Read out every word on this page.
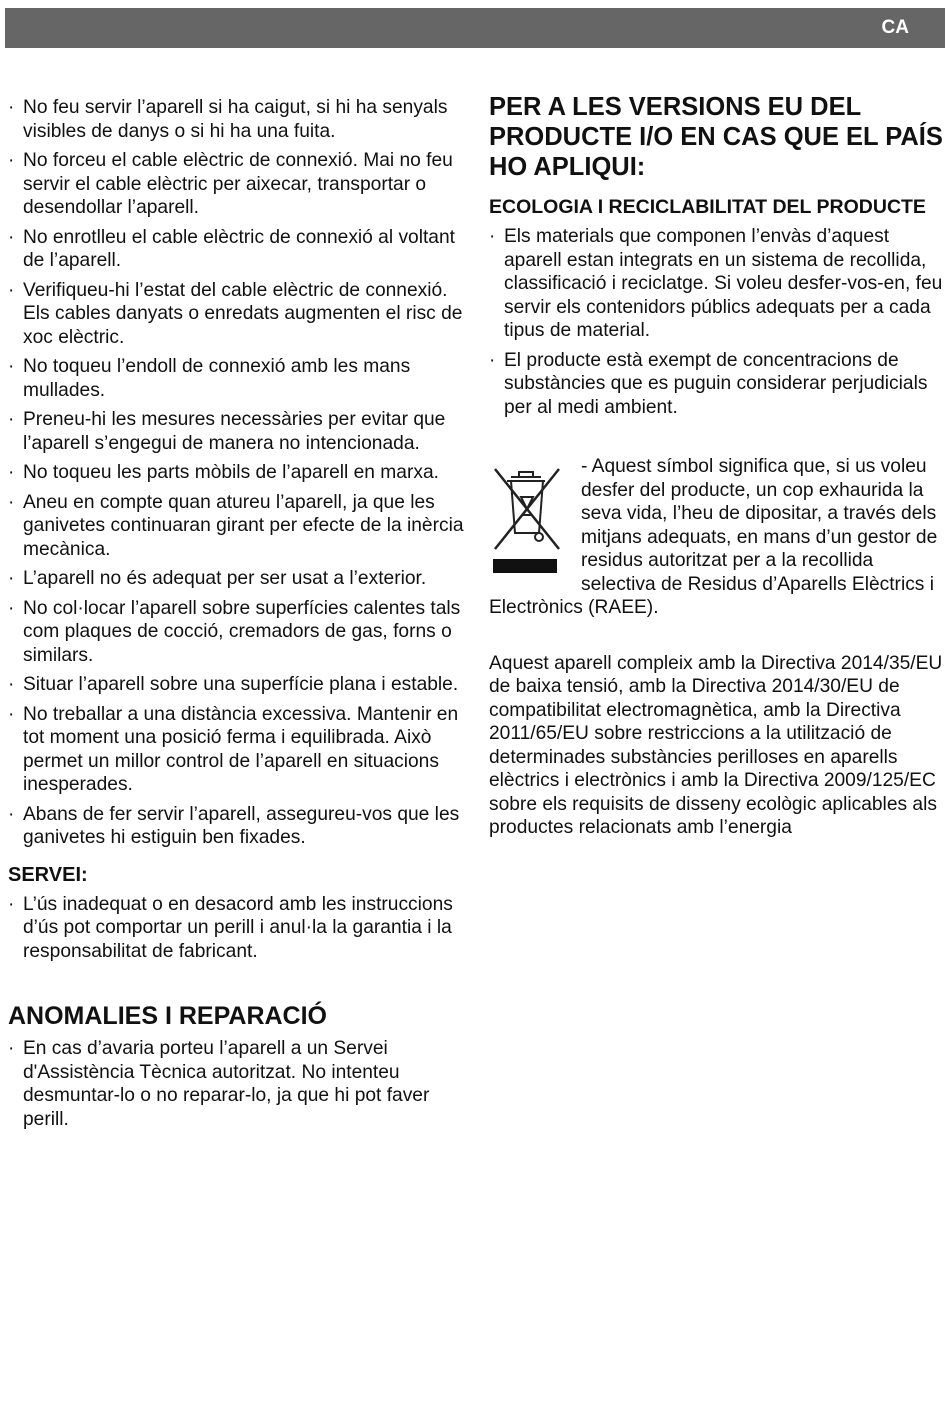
CA
· No feu servir l’aparell si ha caigut, si hi ha senyals visibles de danys o si hi ha una fuita.
· No forceu el cable elèctric de connexió. Mai no feu servir el cable elèctric per aixecar, transportar o desendollar l’aparell.
· No enrotlleu el cable elèctric de connexió al voltant de l’aparell.
· Verifiqueu-hi l’estat del cable elèctric de connexió. Els cables danyats o enredats augmenten el risc de xoc elèctric.
· No toqueu l’endoll de connexió amb les mans mullades.
· Preneu-hi les mesures necessàries per evitar que l’aparell s’engegui de manera no intencionada.
· No toqueu les parts mòbils de l’aparell en marxa.
· Aneu en compte quan atureu l’aparell, ja que les ganivetes continuaran girant per efecte de la inèrcia mecànica.
· L’aparell no és adequat per ser usat a l’exterior.
· No col·locar l’aparell sobre superfícies calentes tals com plaques de cocció, cremadors de gas, forns o similars.
· Situar l’aparell sobre una superfície plana i estable.
· No treballar a una distància excessiva. Mantenir en tot moment una posició ferma i equilibrada. Això permet un millor control de l’aparell en situacions inesperades.
· Abans de fer servir l’aparell, assegureu-vos que les ganivetes hi estiguin ben fixades.
SERVEI:
· L’ús inadequat o en desacord amb les instruccions d’ús pot comportar un perill i anul·la la garantia i la responsabilitat de fabricant.
ANOMALIES I REPARACIÓ
· En cas d’avaria porteu l’aparell a un Servei d'Assistència Tècnica autoritzat. No intenteu desmuntar-lo o no reparar-lo, ja que hi pot faver perill.
PER A LES VERSIONS EU DEL PRODUCTE I/O EN CAS QUE EL PAÍS HO APLIQUI:
ECOLOGIA I RECICLABILITAT DEL PRODUCTE
· Els materials que componen l’envàs d’aquest aparell estan integrats en un sistema de recollida, classificació i reciclatge. Si voleu desfer-vos-en, feu servir els contenidors públics adequats per a cada tipus de material.
· El producte està exempt de concentracions de substàncies que es puguin considerar perjudicials per al medi ambient.
- Aquest símbol significa que, si us voleu desfer del producte, un cop exhaurida la seva vida, l’heu de dipositar, a través dels mitjans adequats, en mans d’un gestor de residus autoritzat per a la recollida selectiva de Residus d’Aparells Elèctrics i Electrònics (RAEE).

Aquest aparell compleix amb la Directiva 2014/35/EU de baixa tensió, amb la Directiva 2014/30/EU de compatibilitat electromagnètica, amb la Directiva 2011/65/EU sobre restriccions a la utilització de determinades substàncies perilloses en aparells elèctrics i electrònics i amb la Directiva 2009/125/EC sobre els requisits de disseny ecològic aplicables als productes relacionats amb l’energia
